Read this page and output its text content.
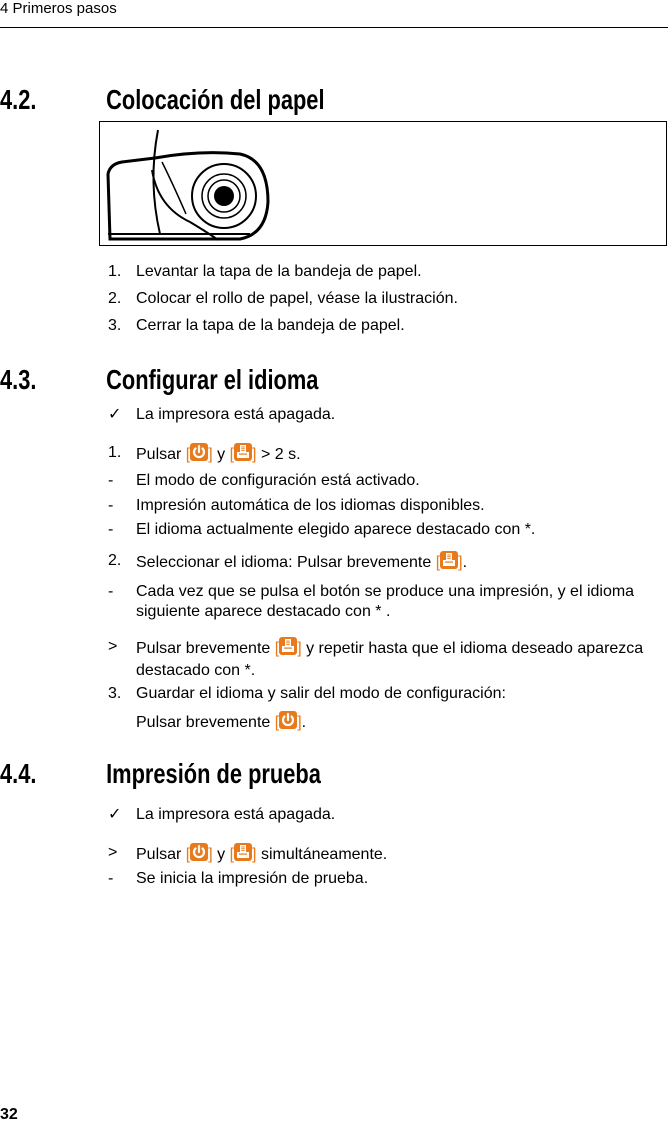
4 Primeros pasos
4.2. Colocación del papel
1. Levantar la tapa de la bandeja de papel.
2. Colocar el rollo de papel, véase la ilustración.
3. Cerrar la tapa de la bandeja de papel.
4.3. Configurar el idioma
✓ La impresora está apagada.
1. Pulsar [ ] y [ ] > 2 s.
-	El modo de configuración está activado.
-	Impresión automática de los idiomas disponibles.
-	El idioma actualmente elegido aparece destacado con *.
2. Seleccionar el idioma: Pulsar brevemente [ ].
-	Cada vez que se pulsa el botón se produce una impresión, y el idioma siguiente aparece destacado con * .
>	Pulsar brevemente [ ] y repetir hasta que el idioma deseado aparezca destacado con *.
3. Guardar el idioma y salir del modo de configuración:
Pulsar brevemente [ ].
4.4. Impresión de prueba
✓ La impresora está apagada.
>	Pulsar [ ] y [ ] simultáneamente.
-	Se inicia la impresión de prueba.
32
